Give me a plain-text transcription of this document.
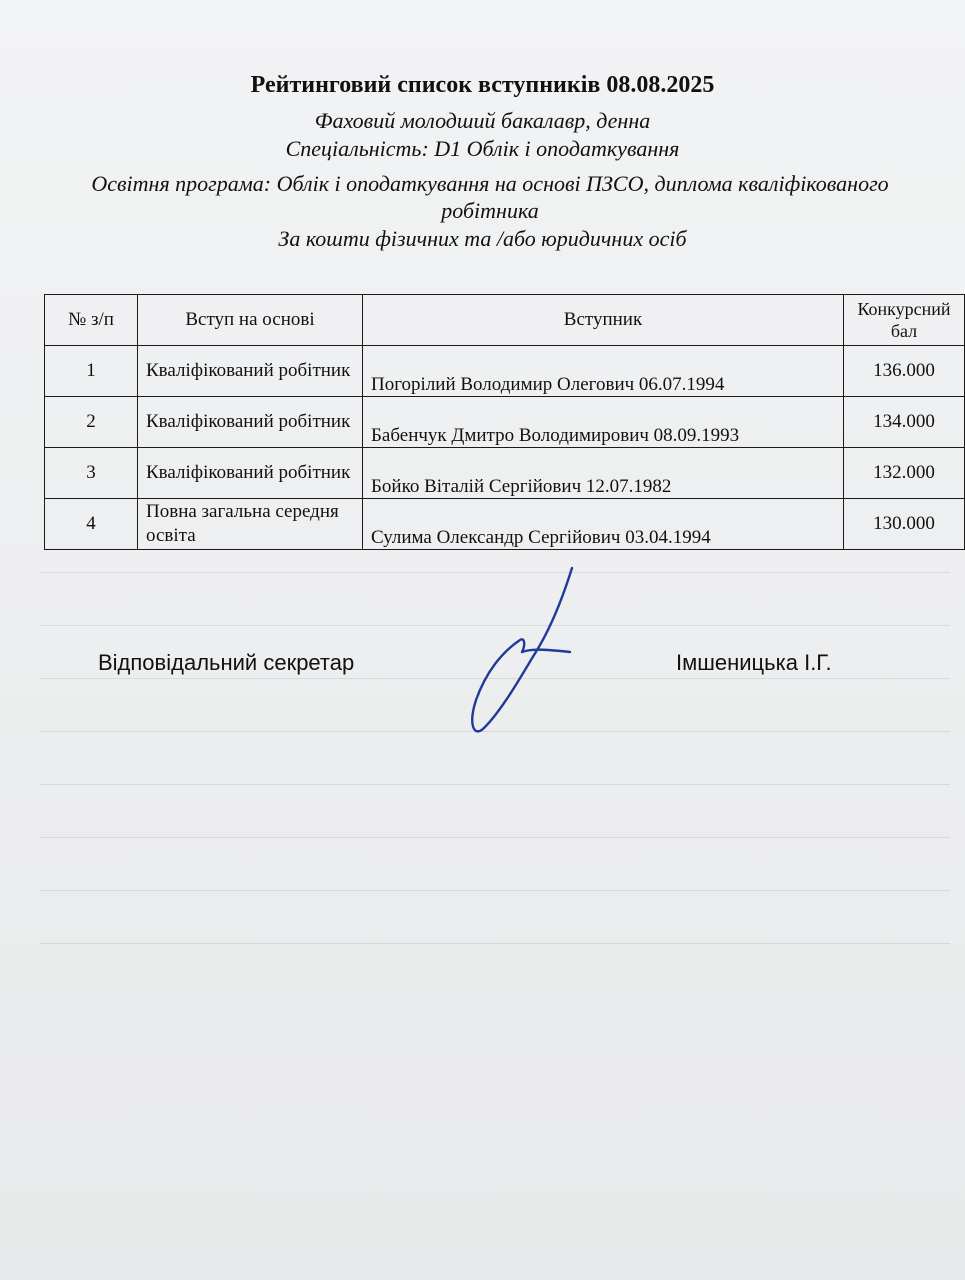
Рейтинговий список вступників 08.08.2025
Фаховий молодший бакалавр, денна
Спеціальність: D1 Облік і оподаткування
Освітня програма: Облік і оподаткування на основі ПЗСО, диплома кваліфікованого робітника
За кошти фізичних та /або юридичних осіб
№ з/п	Вступ на основі	Вступник	Конкурсний бал
1	Кваліфікований робітник	Погорілий Володимир Олегович 06.07.1994	136.000
2	Кваліфікований робітник	Бабенчук Дмитро Володимирович 08.09.1993	134.000
3	Кваліфікований робітник	Бойко Віталій Сергійович 12.07.1982	132.000
4	Повна загальна середня освіта	Сулима Олександр Сергійович 03.04.1994	130.000
Відповідальний секретар	Імшеницька І.Г.
